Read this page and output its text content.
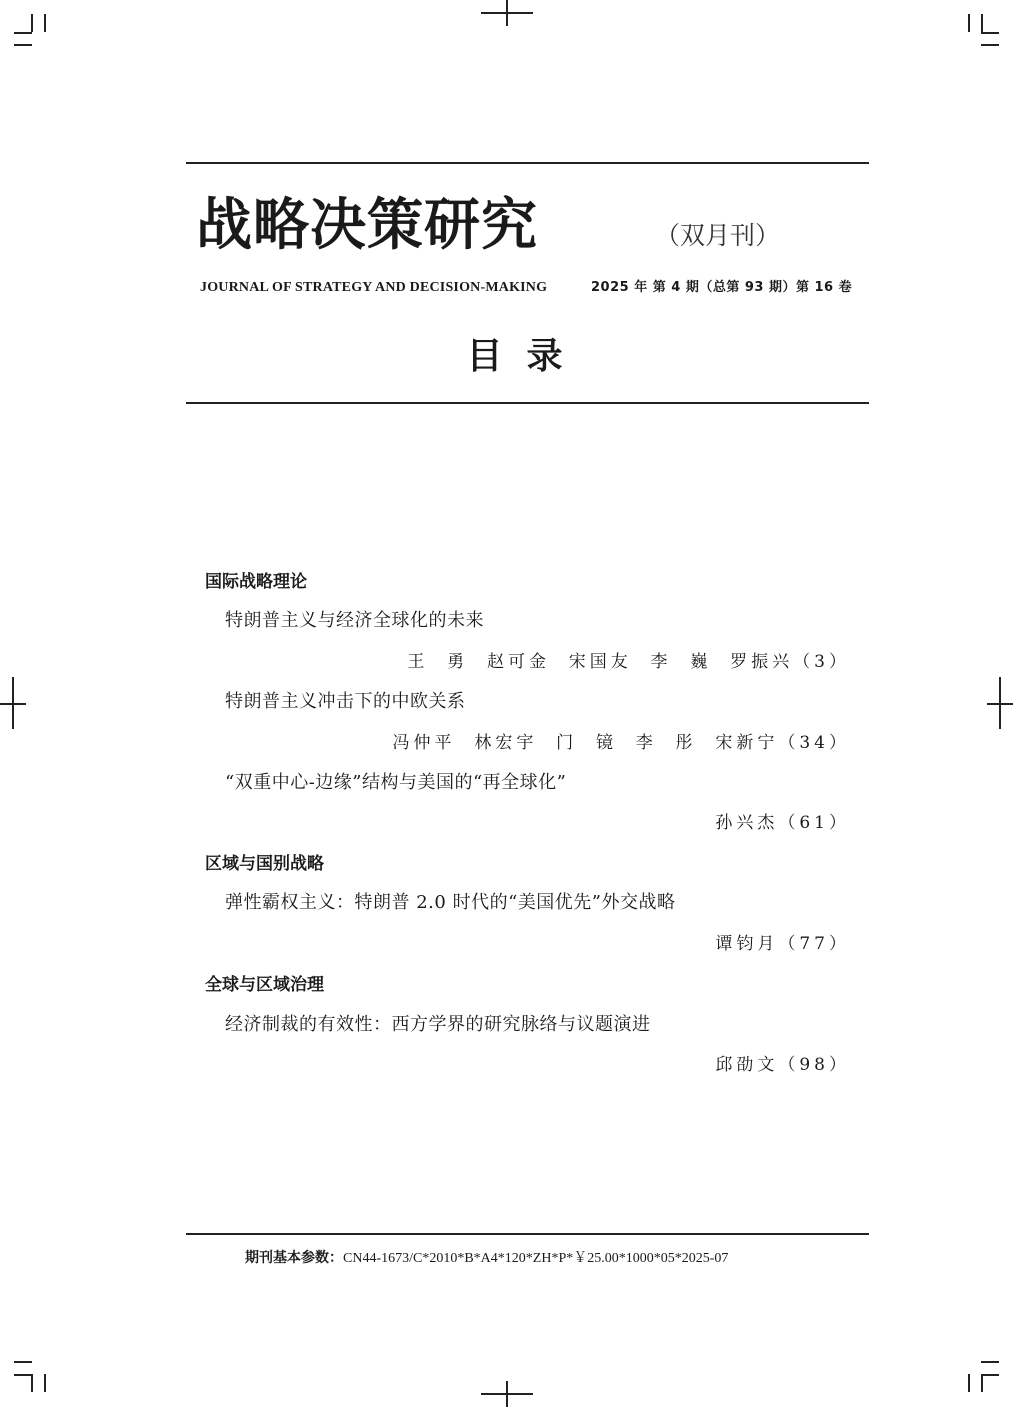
战略决策研究	（双月刊）
JOURNAL OF STRATEGY AND DECISION-MAKING	2025 年 第 4 期（总第 93 期）第 16 卷
目录
国际战略理论
特朗普主义与经济全球化的未来
王  勇  赵可金  宋国友  李  巍  罗振兴（3）
特朗普主义冲击下的中欧关系
冯仲平  林宏宇  门  镜  李  彤  宋新宁（34）
“双重中心-边缘”结构与美国的“再全球化”
孙兴杰（61）
区域与国别战略
弹性霸权主义：特朗普 2.0 时代的“美国优先”外交战略
谭钧月（77）
全球与区域治理
经济制裁的有效性：西方学界的研究脉络与议题演进
邱劭文（98）
期刊基本参数：CN44-1673/C*2010*B*A4*120*ZH*P*￥25.00*1000*05*2025-07
